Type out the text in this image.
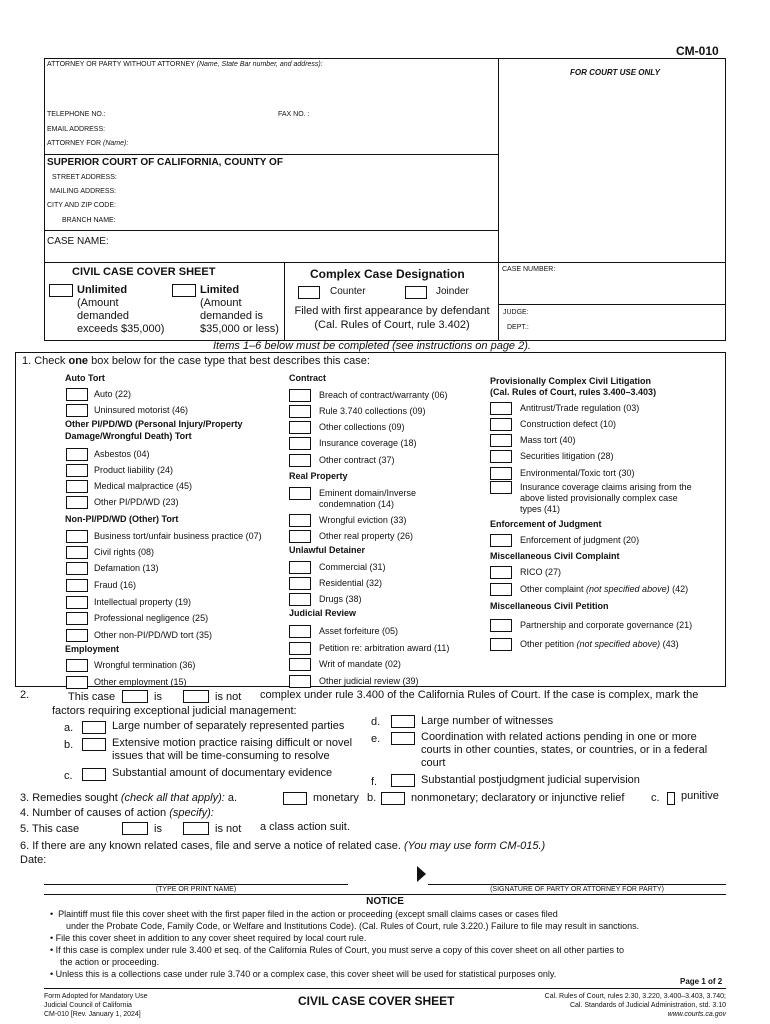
CM-010
ATTORNEY OR PARTY WITHOUT ATTORNEY (Name, State Bar number, and address):
FOR COURT USE ONLY
TELEPHONE NO.:	FAX NO. :
EMAIL ADDRESS:
ATTORNEY FOR (Name):
SUPERIOR COURT OF CALIFORNIA, COUNTY OF
STREET ADDRESS:
MAILING ADDRESS:
CITY AND ZIP CODE:
BRANCH NAME:
CASE NAME:
CIVIL CASE COVER SHEET
Unlimited
(Amount
demanded
exceeds $35,000)
Limited
(Amount
demanded is
$35,000 or less)
Complex Case Designation
Counter	Joinder
Filed with first appearance by defendant
(Cal. Rules of Court, rule 3.402)
CASE NUMBER:
JUDGE:
DEPT.:
Items 1–6 below must be completed (see instructions on page 2).
1. Check one box below for the case type that best describes this case:
Auto Tort
Auto (22)
Uninsured motorist (46)
Other PI/PD/WD (Personal Injury/Property
Damage/Wrongful Death) Tort
Asbestos (04)
Product liability (24)
Medical malpractice (45)
Other PI/PD/WD (23)
Non-PI/PD/WD (Other) Tort
Business tort/unfair business practice (07)
Civil rights (08)
Defamation (13)
Fraud (16)
Intellectual property (19)
Professional negligence (25)
Other non-PI/PD/WD tort (35)
Employment
Wrongful termination (36)
Other employment (15)
Contract
Breach of contract/warranty (06)
Rule 3.740 collections (09)
Other collections (09)
Insurance coverage (18)
Other contract (37)
Real Property
Eminent domain/Inverse
condemnation (14)
Wrongful eviction (33)
Other real property (26)
Unlawful Detainer
Commercial (31)
Residential (32)
Drugs (38)
Judicial Review
Asset forfeiture (05)
Petition re: arbitration award (11)
Writ of mandate (02)
Other judicial review (39)
Provisionally Complex Civil Litigation
(Cal. Rules of Court, rules 3.400–3.403)
Antitrust/Trade regulation (03)
Construction defect (10)
Mass tort (40)
Securities litigation (28)
Environmental/Toxic tort (30)
Insurance coverage claims arising from the
above listed provisionally complex case
types (41)
Enforcement of Judgment
Enforcement of judgment (20)
Miscellaneous Civil Complaint
RICO (27)
Other complaint (not specified above) (42)
Miscellaneous Civil Petition
Partnership and corporate governance (21)
Other petition (not specified above) (43)
2.	This case	is	is not complex under rule 3.400 of the California Rules of Court. If the case is complex, mark the
factors requiring exceptional judicial management:
a.	Large number of separately represented parties
b.	Extensive motion practice raising difficult or novel
issues that will be time-consuming to resolve
c.	Substantial amount of documentary evidence
d.	Large number of witnesses
e.	Coordination with related actions pending in one or more
courts in other counties, states, or countries, or in a federal
court
f.	Substantial postjudgment judicial supervision
3. Remedies sought (check all that apply): a.	monetary b.	nonmonetary; declaratory or injunctive relief c. punitive
4. Number of causes of action (specify):
5. This case	is	is not a class action suit.
6. If there are any known related cases, file and serve a notice of related case. (You may use form CM-015.)
Date:
(TYPE OR PRINT NAME)	(SIGNATURE OF PARTY OR ATTORNEY FOR PARTY)
NOTICE
•  Plaintiff must file this cover sheet with the first paper filed in the action or proceeding (except small claims cases or cases filed
under the Probate Code, Family Code, or Welfare and Institutions Code). (Cal. Rules of Court, rule 3.220.) Failure to file may result in sanctions.
• File this cover sheet in addition to any cover sheet required by local court rule.
• If this case is complex under rule 3.400 et seq. of the California Rules of Court, you must serve a copy of this cover sheet on all other parties to
the action or proceeding.
• Unless this is a collections case under rule 3.740 or a complex case, this cover sheet will be used for statistical purposes only.
Page 1 of 2
Form Adopted for Mandatory Use
Judicial Council of California
CM-010 [Rev. January 1, 2024]
CIVIL CASE COVER SHEET	Cal. Rules of Court, rules 2.30, 3.220, 3.400–3.403, 3.740;
Cal. Standards of Judicial Administration, std. 3.10
www.courts.ca.gov
